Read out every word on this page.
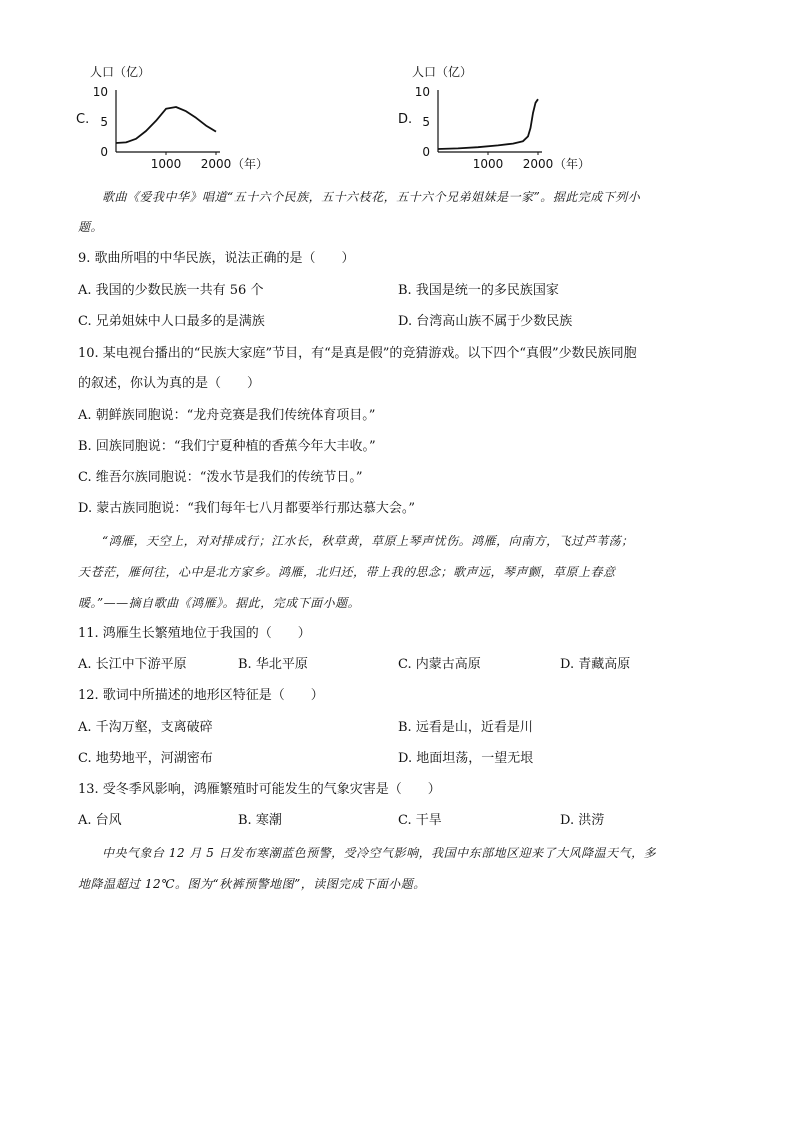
C.
人口（亿）
10
5
0
1000 2000 （年）
D.
人口（亿）
10
5
0
1000 2000 （年）
歌曲《爱我中华》唱道“五十六个民族，五十六枝花，五十六个兄弟姐妹是一家”。据此完成下列小
题。
9. 歌曲所唱的中华民族，说法正确的是（　　）
A. 我国的少数民族一共有 56 个	B. 我国是统一的多民族国家
C. 兄弟姐妹中人口最多的是满族	D. 台湾高山族不属于少数民族
10. 某电视台播出的“民族大家庭”节目，有“是真是假”的竞猜游戏。以下四个“真假”少数民族同胞
的叙述，你认为真的是（　　）
A. 朝鲜族同胞说：“龙舟竞赛是我们传统体育项目。”
B. 回族同胞说：“我们宁夏种植的香蕉今年大丰收。”
C. 维吾尔族同胞说：“泼水节是我们的传统节日。”
D. 蒙古族同胞说：“我们每年七八月都要举行那达慕大会。”
“鸿雁，天空上，对对排成行；江水长，秋草黄，草原上琴声忧伤。鸿雁，向南方，飞过芦苇荡；
天苍茫，雁何往，心中是北方家乡。鸿雁，北归还，带上我的思念；歌声远，琴声颤，草原上春意
暖。”——摘自歌曲《鸿雁》。据此，完成下面小题。
11. 鸿雁生长繁殖地位于我国的（　　）
A. 长江中下游平原	B. 华北平原	C. 内蒙古高原	D. 青藏高原
12. 歌词中所描述的地形区特征是（　　）
A. 千沟万壑，支离破碎	B. 远看是山，近看是川
C. 地势地平，河湖密布	D. 地面坦荡，一望无垠
13. 受冬季风影响，鸿雁繁殖时可能发生的气象灾害是（　　）
A. 台风	B. 寒潮	C. 干旱	D. 洪涝
中央气象台 12 月 5 日发布寒潮蓝色预警，受冷空气影响，我国中东部地区迎来了大风降温天气，多
地降温超过 12℃。图为“秋裤预警地图”，读图完成下面小题。
